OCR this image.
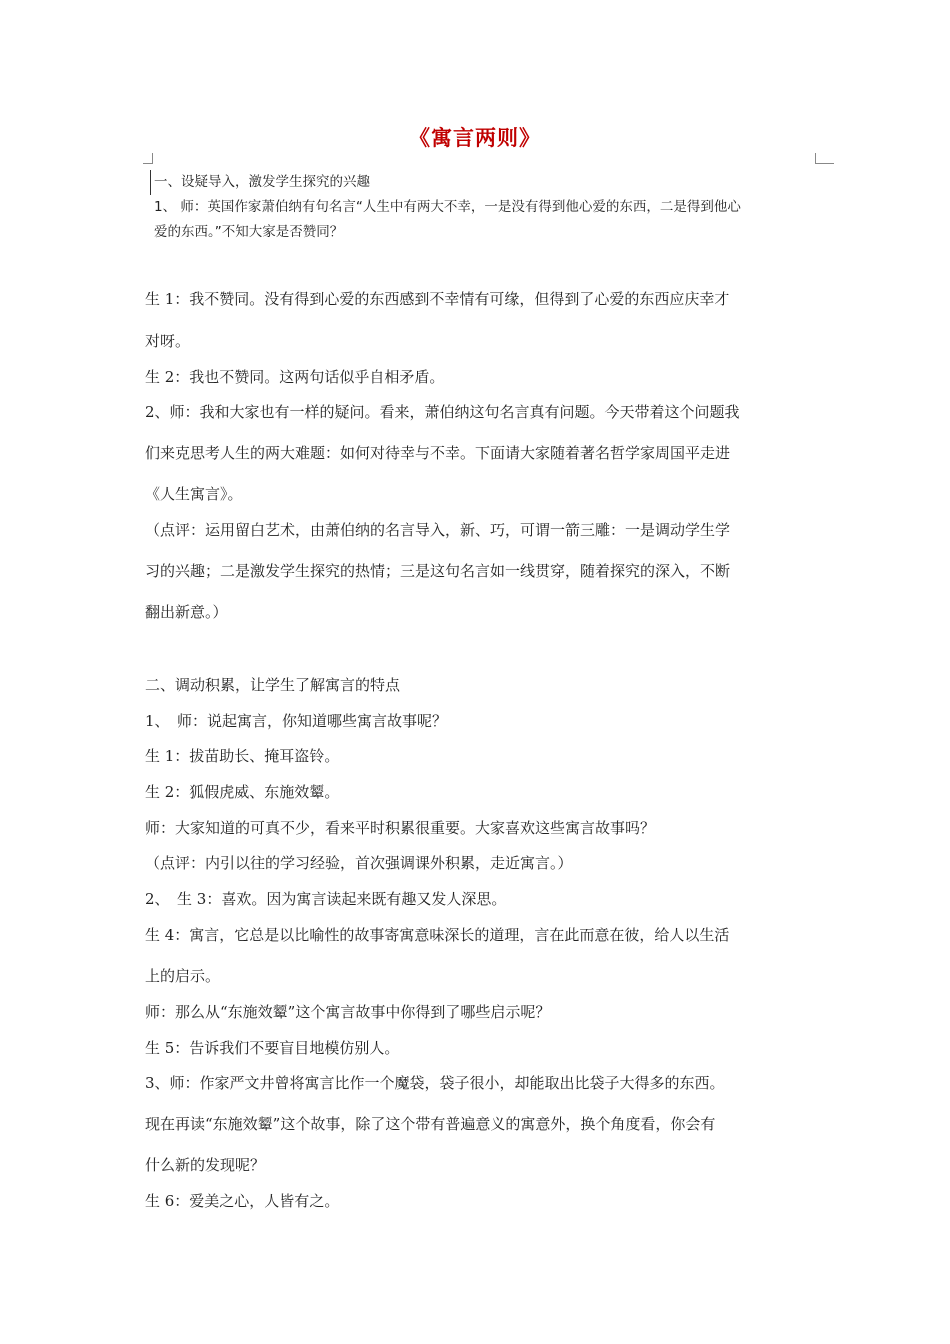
《寓言两则》
一、设疑导入，激发学生探究的兴趣
1、 师：英国作家萧伯纳有句名言“人生中有两大不幸，一是没有得到他心爱的东西，二是得到他心
爱的东西。”不知大家是否赞同？

生 1：我不赞同。没有得到心爱的东西感到不幸情有可缘，但得到了心爱的东西应庆幸才

对呀。

生 2：我也不赞同。这两句话似乎自相矛盾。

2、师：我和大家也有一样的疑问。看来，萧伯纳这句名言真有问题。今天带着这个问题我

们来克思考人生的两大难题：如何对待幸与不幸。下面请大家随着著名哲学家周国平走进

《人生寓言》。

（点评：运用留白艺术，由萧伯纳的名言导入，新、巧，可谓一箭三雕：一是调动学生学

习的兴趣；二是激发学生探究的热情；三是这句名言如一线贯穿，随着探究的深入，不断

翻出新意。）

二、调动积累，让学生了解寓言的特点

1、　师：说起寓言，你知道哪些寓言故事呢？

生 1：拔苗助长、掩耳盗铃。

生 2：狐假虎威、东施效颦。

师：大家知道的可真不少，看来平时积累很重要。大家喜欢这些寓言故事吗？

（点评：内引以往的学习经验，首次强调课外积累，走近寓言。）

2、　生 3：喜欢。因为寓言读起来既有趣又发人深思。

生 4：寓言，它总是以比喻性的故事寄寓意味深长的道理，言在此而意在彼，给人以生活

上的启示。

师：那么从“东施效颦”这个寓言故事中你得到了哪些启示呢？

生 5：告诉我们不要盲目地模仿别人。

3、师：作家严文井曾将寓言比作一个魔袋，袋子很小，却能取出比袋子大得多的东西。

现在再读“东施效颦”这个故事，除了这个带有普遍意义的寓意外，换个角度看，你会有

什么新的发现呢？

生 6：爱美之心，人皆有之。
